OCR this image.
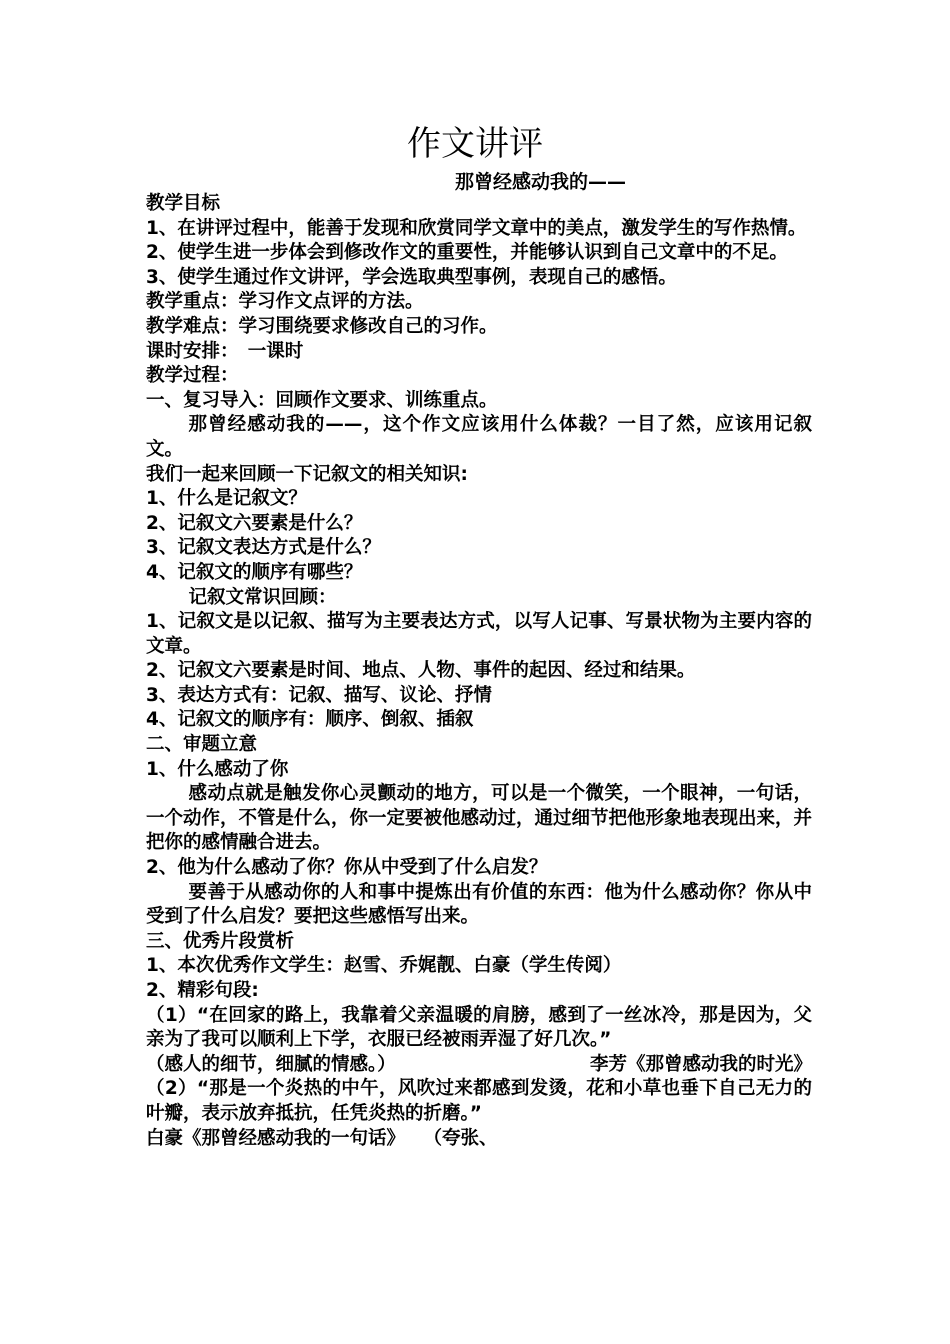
作文讲评
那曾经感动我的——

教学目标

1、在讲评过程中，能善于发现和欣赏同学文章中的美点，激发学生的写作热情。

2、使学生进一步体会到修改作文的重要性，并能够认识到自己文章中的不足。

3、使学生通过作文讲评，学会选取典型事例，表现自己的感悟。

教学重点：学习作文点评的方法。

教学难点：学习围绕要求修改自己的习作。

课时安排：　一课时

教学过程：

一、复习导入：回顾作文要求、训练重点。

那曾经感动我的——，这个作文应该用什么体裁？一目了然，应该用记叙文。

我们一起来回顾一下记叙文的相关知识:

1、什么是记叙文？

2、记叙文六要素是什么？

3、记叙文表达方式是什么？

4、记叙文的顺序有哪些？

记叙文常识回顾：

1、记叙文是以记叙、描写为主要表达方式，以写人记事、写景状物为主要内容的文章。

2、记叙文六要素是时间、地点、人物、事件的起因、经过和结果。

3、表达方式有：记叙、描写、议论、抒情

4、记叙文的顺序有：顺序、倒叙、插叙

二、审题立意

1、什么感动了你

感动点就是触发你心灵颤动的地方，可以是一个微笑，一个眼神，一句话，一个动作，不管是什么，你一定要被他感动过，通过细节把他形象地表现出来，并把你的感情融合进去。

2、他为什么感动了你？你从中受到了什么启发？

要善于从感动你的人和事中提炼出有价值的东西：他为什么感动你？你从中受到了什么启发？要把这些感悟写出来。

三、优秀片段赏析

1、本次优秀作文学生：赵雪、乔娓靓、白豪（学生传阅）

2、精彩句段:

（1）“在回家的路上，我靠着父亲温暖的肩膀，感到了一丝冰冷，那是因为，父亲为了我可以顺利上下学，衣服已经被雨弄湿了好几次。”

（感人的细节，细腻的情感。）	李芳《那曾感动我的时光》

（2）“那是一个炎热的中午，风吹过来都感到发烫，花和小草也垂下自己无力的叶瓣，表示放弃抵抗，任凭炎热的折磨。”

白豪《那曾经感动我的一句话》　　（夸张、
